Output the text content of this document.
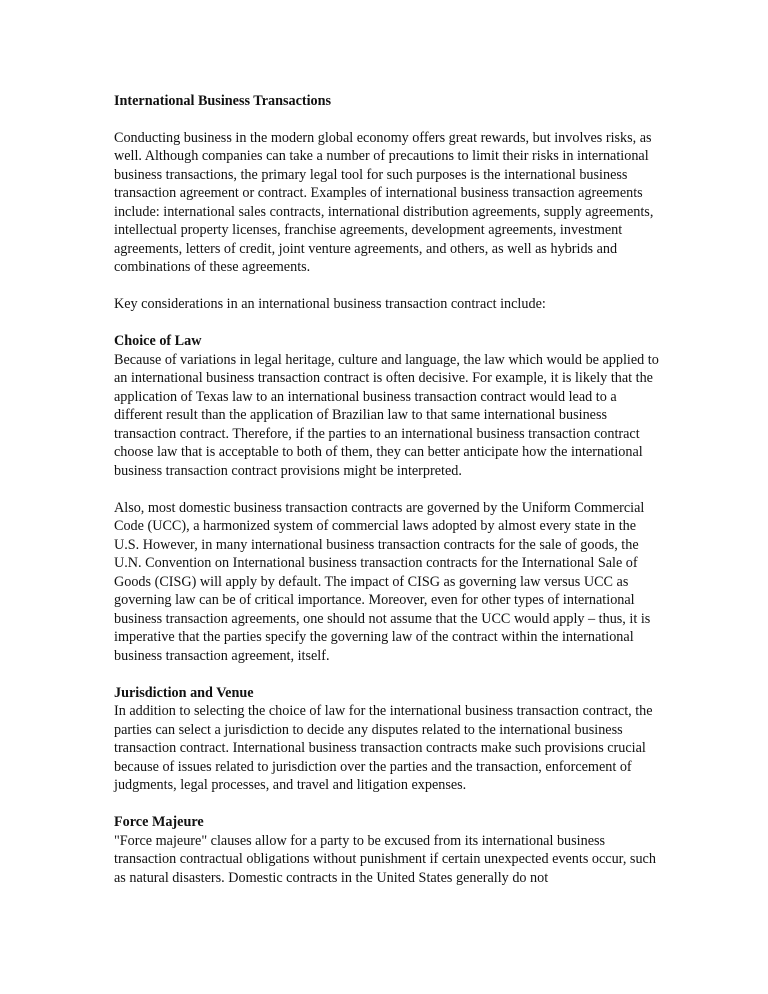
International Business Transactions

Conducting business in the modern global economy offers great rewards, but involves risks, as well. Although companies can take a number of precautions to limit their risks in international business transactions, the primary legal tool for such purposes is the international business transaction agreement or contract. Examples of international business transaction agreements include: international sales contracts, international distribution agreements, supply agreements, intellectual property licenses, franchise agreements, development agreements, investment agreements, letters of credit, joint venture agreements, and others, as well as hybrids and combinations of these agreements.

Key considerations in an international business transaction contract include:

Choice of Law

Because of variations in legal heritage, culture and language, the law which would be applied to an international business transaction contract is often decisive. For example, it is likely that the application of Texas law to an international business transaction contract would lead to a different result than the application of Brazilian law to that same international business transaction contract. Therefore, if the parties to an international business transaction contract choose law that is acceptable to both of them, they can better anticipate how the international business transaction contract provisions might be interpreted.

Also, most domestic business transaction contracts are governed by the Uniform Commercial Code (UCC), a harmonized system of commercial laws adopted by almost every state in the U.S. However, in many international business transaction contracts for the sale of goods, the U.N. Convention on International business transaction contracts for the International Sale of Goods (CISG) will apply by default. The impact of CISG as governing law versus UCC as governing law can be of critical importance. Moreover, even for other types of international business transaction agreements, one should not assume that the UCC would apply – thus, it is imperative that the parties specify the governing law of the contract within the international business transaction agreement, itself.

Jurisdiction and Venue

In addition to selecting the choice of law for the international business transaction contract, the parties can select a jurisdiction to decide any disputes related to the international business transaction contract. International business transaction contracts make such provisions crucial because of issues related to jurisdiction over the parties and the transaction, enforcement of judgments, legal processes, and travel and litigation expenses.

Force Majeure

"Force majeure" clauses allow for a party to be excused from its international business transaction contractual obligations without punishment if certain unexpected events occur, such as natural disasters. Domestic contracts in the United States generally do not
